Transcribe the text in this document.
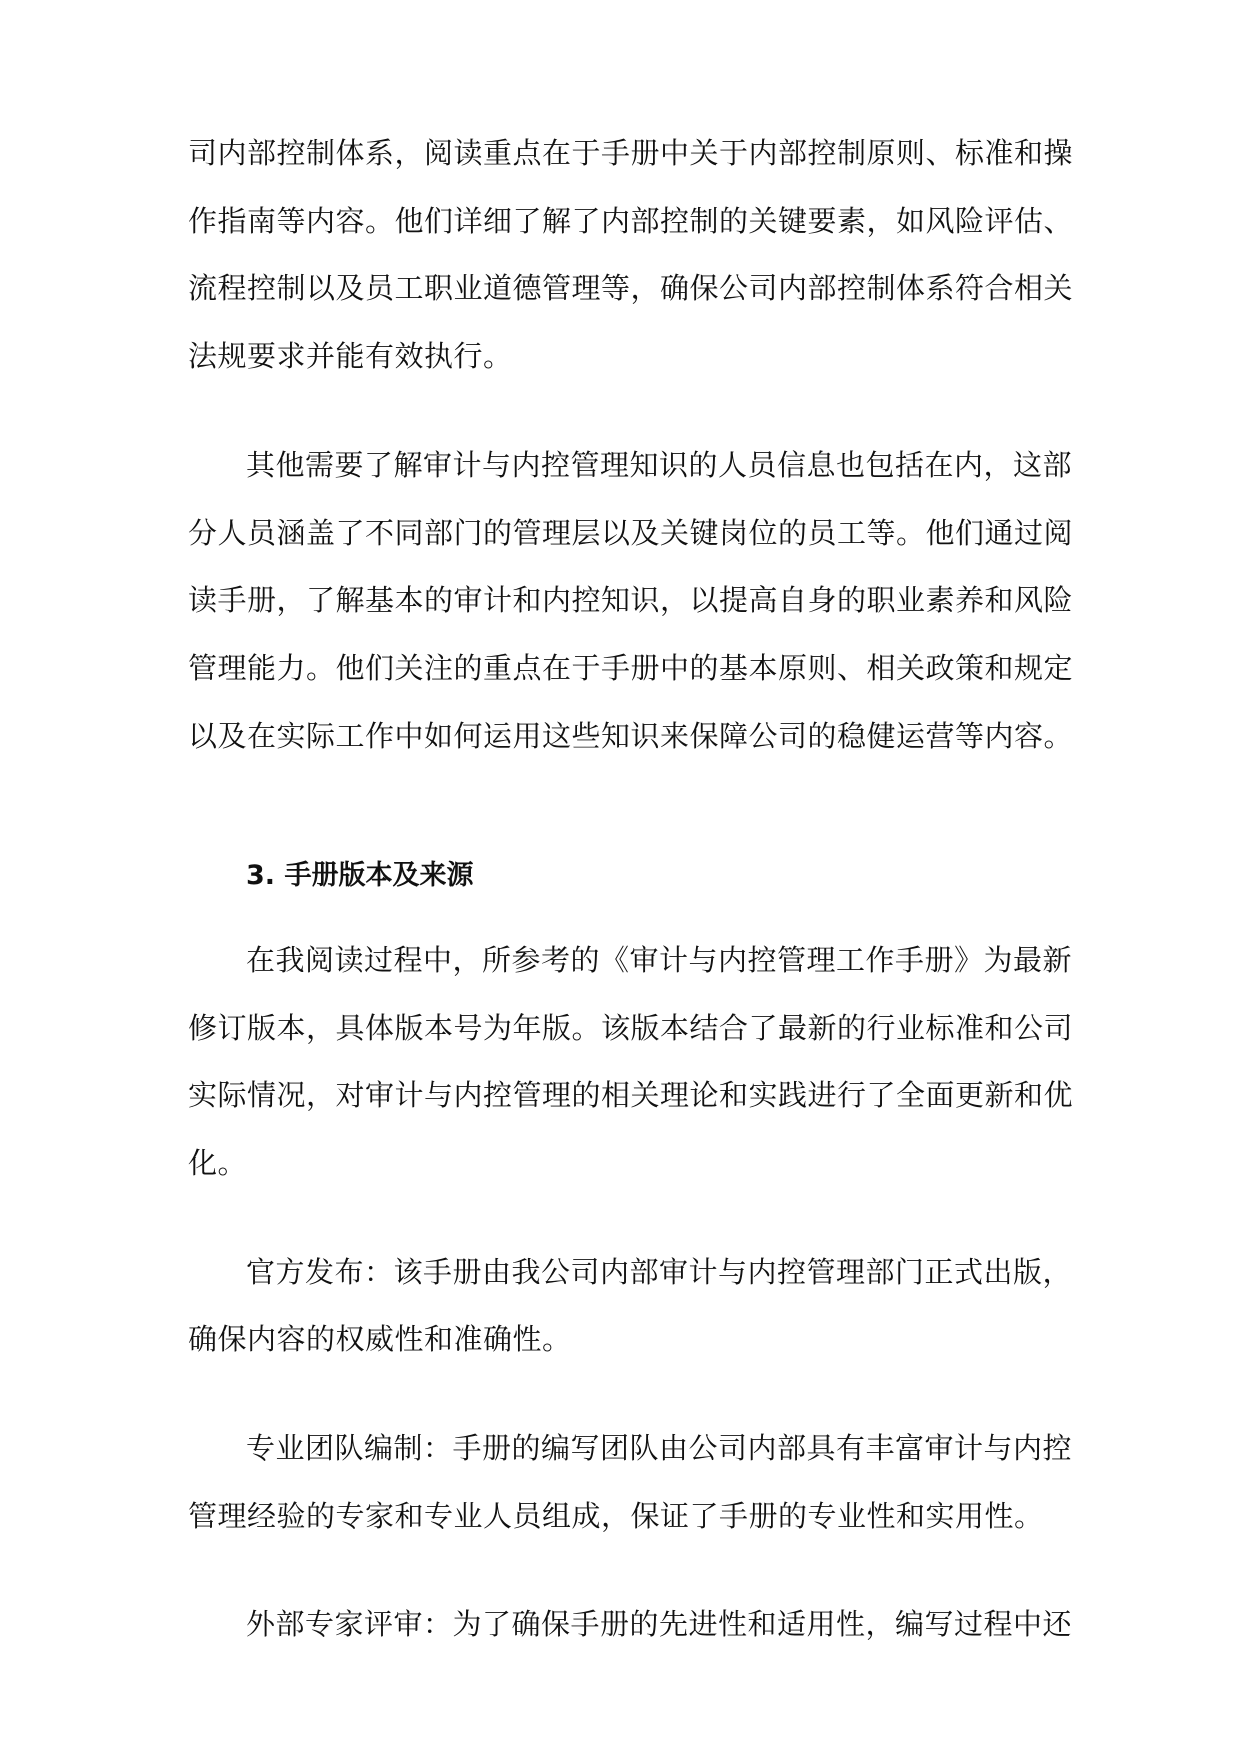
司内部控制体系，阅读重点在于手册中关于内部控制原则、标准和操
作指南等内容。他们详细了解了内部控制的关键要素，如风险评估、
流程控制以及员工职业道德管理等，确保公司内部控制体系符合相关
法规要求并能有效执行。
其他需要了解审计与内控管理知识的人员信息也包括在内，这部
分人员涵盖了不同部门的管理层以及关键岗位的员工等。他们通过阅
读手册，了解基本的审计和内控知识，以提高自身的职业素养和风险
管理能力。他们关注的重点在于手册中的基本原则、相关政策和规定
以及在实际工作中如何运用这些知识来保障公司的稳健运营等内容。
3. 手册版本及来源
在我阅读过程中，所参考的《审计与内控管理工作手册》为最新
修订版本，具体版本号为年版。该版本结合了最新的行业标准和公司
实际情况，对审计与内控管理的相关理论和实践进行了全面更新和优
化。
官方发布：该手册由我公司内部审计与内控管理部门正式出版，
确保内容的权威性和准确性。
专业团队编制：手册的编写团队由公司内部具有丰富审计与内控
管理经验的专家和专业人员组成，保证了手册的专业性和实用性。
外部专家评审：为了确保手册的先进性和适用性，编写过程中还
